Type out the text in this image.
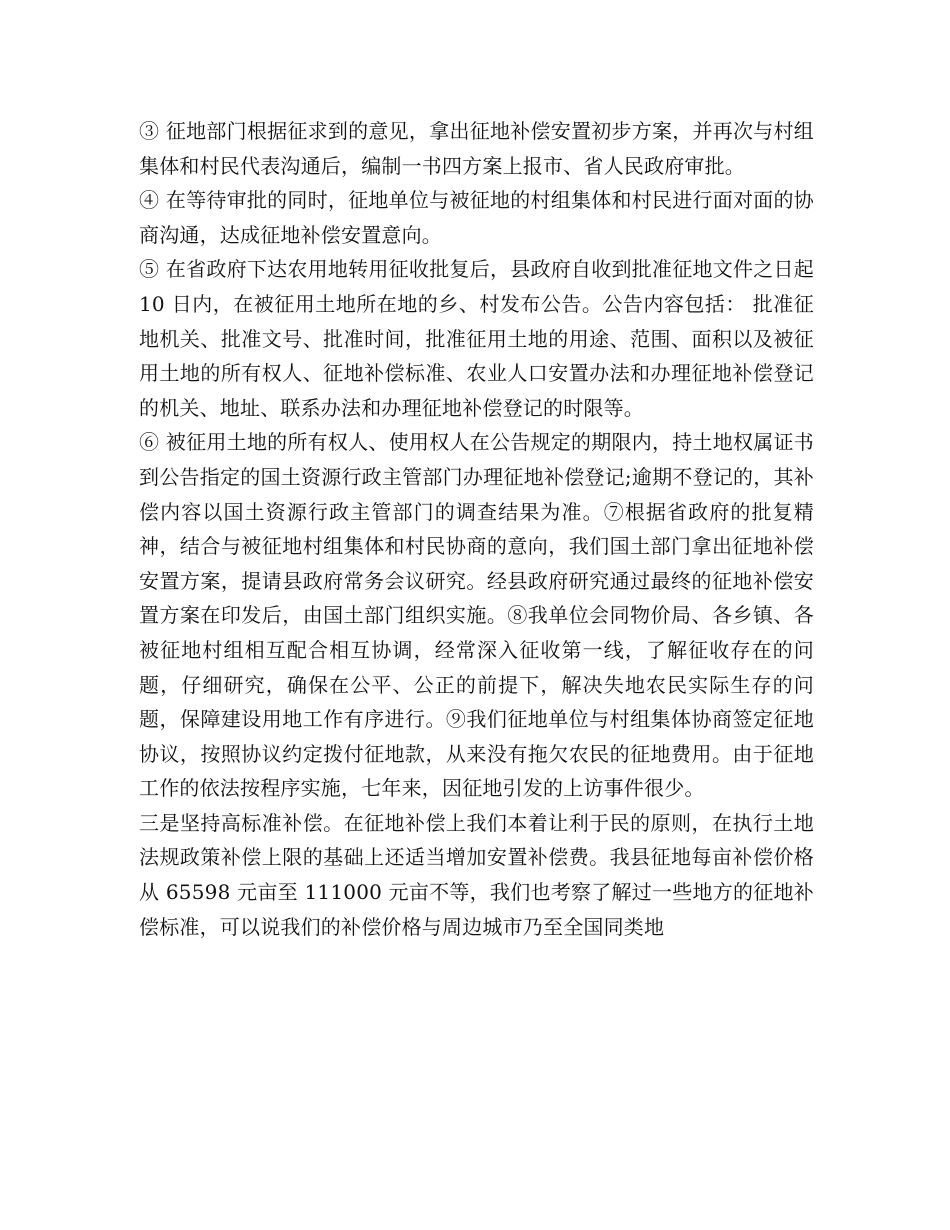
③ 征地部门根据征求到的意见，拿出征地补偿安置初步方案，并再次与村组集体和村民代表沟通后，编制一书四方案上报市、省人民政府审批。

④ 在等待审批的同时，征地单位与被征地的村组集体和村民进行面对面的协商沟通，达成征地补偿安置意向。

⑤ 在省政府下达农用地转用征收批复后，县政府自收到批准征地文件之日起 10 日内，在被征用土地所在地的乡、村发布公告。公告内容包括： 批准征地机关、批准文号、批准时间，批准征用土地的用途、范围、面积以及被征用土地的所有权人、征地补偿标准、农业人口安置办法和办理征地补偿登记的机关、地址、联系办法和办理征地补偿登记的时限等。

⑥ 被征用土地的所有权人、使用权人在公告规定的期限内，持土地权属证书到公告指定的国土资源行政主管部门办理征地补偿登记;逾期不登记的，其补偿内容以国土资源行政主管部门的调查结果为准。⑦根据省政府的批复精神，结合与被征地村组集体和村民协商的意向，我们国土部门拿出征地补偿安置方案，提请县政府常务会议研究。经县政府研究通过最终的征地补偿安置方案在印发后，由国土部门组织实施。⑧我单位会同物价局、各乡镇、各被征地村组相互配合相互协调，经常深入征收第一线，了解征收存在的问题，仔细研究，确保在公平、公正的前提下，解决失地农民实际生存的问题，保障建设用地工作有序进行。⑨我们征地单位与村组集体协商签定征地协议，按照协议约定拨付征地款，从来没有拖欠农民的征地费用。由于征地工作的依法按程序实施，七年来，因征地引发的上访事件很少。

三是坚持高标准补偿。在征地补偿上我们本着让利于民的原则，在执行土地法规政策补偿上限的基础上还适当增加安置补偿费。我县征地每亩补偿价格从 65598 元亩至 111000 元亩不等，我们也考察了解过一些地方的征地补偿标准，可以说我们的补偿价格与周边城市乃至全国同类地
